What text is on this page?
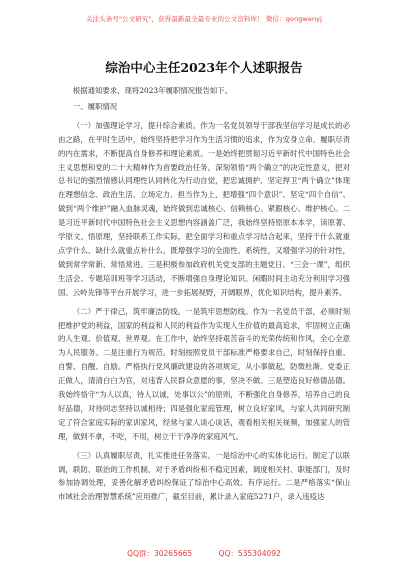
关注头条号"公文研究"，获得最新最全最专业的公文资料库！ 微信：gongwenyj
综治中心主任2023年个人述职报告

根据通知要求，现将2023年履职情况报告如下。

一、履职情况

（一）加强理论学习，提升综合素质。作为一名党员领导干部我坚信学习是成长的必由之路，在平时生活中，始终坚持把学习作为生活习惯的追求，作为安身立命、履职尽责的内在需求，不断提高自身修养和理论素质。一是始终把贯彻习近平新时代中国特色社会主义思想和党的二十大精神作为首要政治任务。深刻领悟“两个确立”的决定性意义，把对总书记的强烈情感认同理性认同转化为行动自觉，把忠诚拥护、坚定捍卫“两个确立”体现在理想信念、政治生活、立场定力、担当作为上，把增强“四个意识”、坚定“四个自信”、做到“两个维护”融入血脉灵魂，始终做到忠诚核心、信赖核心、紧跟核心、维护核心。二是习近平新时代中国特色社会主义思想内容涵盖广泛，我始终坚持原原本本学，读原著、学原文、悟原理，坚持联系工作实际，把全面学习和重点学习结合起来，坚持干什么就重点学什么、缺什么就重点补什么，既增强学习的全面性、系统性，又增强学习的针对性，做到常学常新、常悟常进。三是积极参加政府机关党支部的主题党日、“三会一课”，组织生活会、专题培训班等学习活动，不断增强自身理论知识。闲暇时间主动充分利用学习强国、云岭先锋等平台开展学习，进一步拓展视野，开阔眼界，优化知识结构，提升素养。

（二）严于律己，筑牢廉洁防线。一是筑牢思想防线。作为一名党员干部，必须时刻把维护党的利益，国家的利益和人民的利益作为实现人生价值的最高追求，牢固树立正确的人生观、价值观、世界观。在工作中，始终坚持艰苦奋斗的光荣传统和作风，全心全意为人民服务。二是注重行为规范。时刻按照党员干部标准严格要求自己，时刻保持自重、自警、自醒、自励。严格执行党风廉政建设的各项规定，从小事做起，防微杜渐。党委正正做人，清清白白为官，对违背人民群众意愿的事，坚决不做。三是塑造良好修德品德。我始终恪守“为人以真，待人以诚，处事以公”的原则，不断强化自身修养，培养自己的良好品德，对待同志坚持以诚相待；四是强化家庭管理，树立良好家风，与家人共同研究制定了符合家庭实际的家训家风，经常与家人谈心谈话，观看相关相关视频，加强家人的管理，做到不拿，不吃，不用，树立干干净净的家庭风气。

（三）认真履职尽责，扎实推进任务落实。一是综治中心的实体化运行。制定了以联调，联防、联治的工作机制，对于矛盾纠纷和不稳定因素，调度相关村、职能部门，及时参加协调处理，妥善化解矛盾纠纷保证了综治中心高效、有序运行。二是严格落实“保山市域社会治理智慧系统”应用推广，截至目前，累计录入家庭5271户，录入违疫达

QQ群：30265665	QQ：535304092
